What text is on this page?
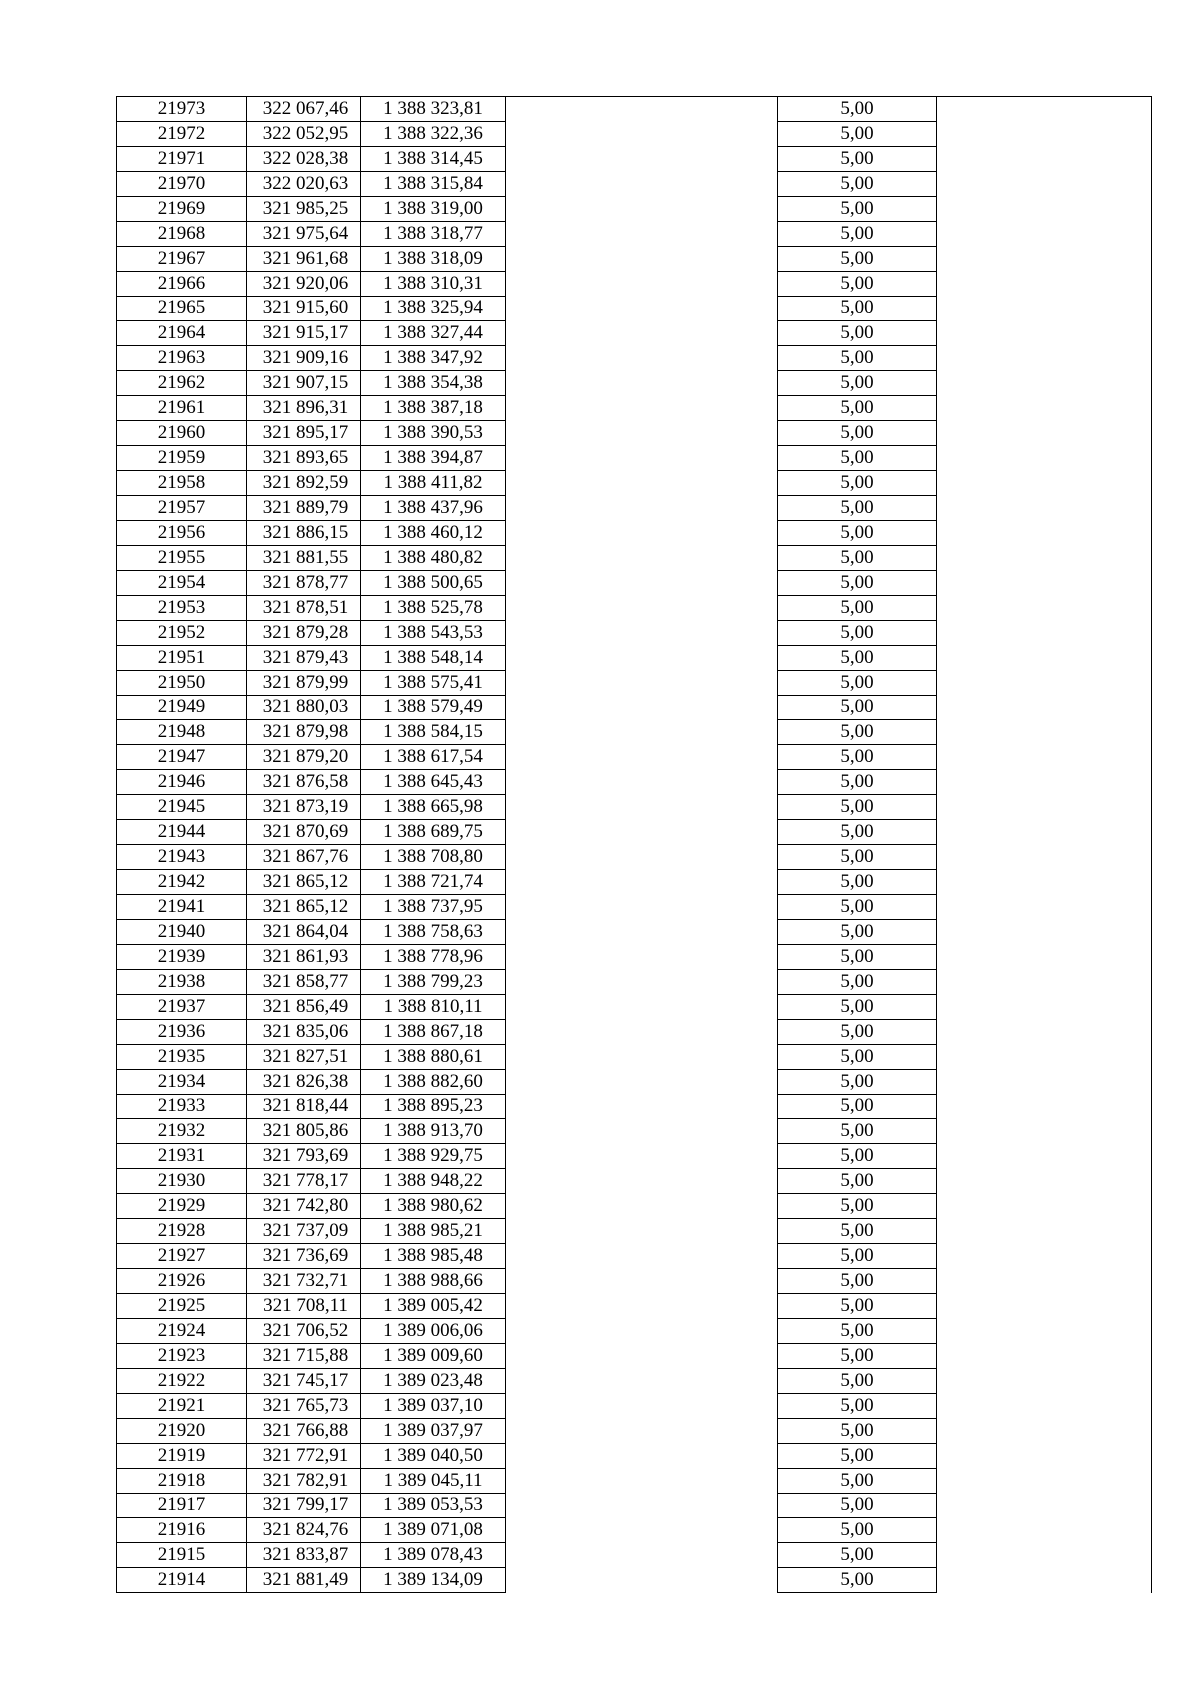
21973	322 067,46	1 388 323,81		5,00	
21972	322 052,95	1 388 322,36		5,00	
21971	322 028,38	1 388 314,45		5,00	
21970	322 020,63	1 388 315,84		5,00	
21969	321 985,25	1 388 319,00		5,00	
21968	321 975,64	1 388 318,77		5,00	
21967	321 961,68	1 388 318,09		5,00	
21966	321 920,06	1 388 310,31		5,00	
21965	321 915,60	1 388 325,94		5,00	
21964	321 915,17	1 388 327,44		5,00	
21963	321 909,16	1 388 347,92		5,00	
21962	321 907,15	1 388 354,38		5,00	
21961	321 896,31	1 388 387,18		5,00	
21960	321 895,17	1 388 390,53		5,00	
21959	321 893,65	1 388 394,87		5,00	
21958	321 892,59	1 388 411,82		5,00	
21957	321 889,79	1 388 437,96		5,00	
21956	321 886,15	1 388 460,12		5,00	
21955	321 881,55	1 388 480,82		5,00	
21954	321 878,77	1 388 500,65		5,00	
21953	321 878,51	1 388 525,78		5,00	
21952	321 879,28	1 388 543,53		5,00	
21951	321 879,43	1 388 548,14		5,00	
21950	321 879,99	1 388 575,41		5,00	
21949	321 880,03	1 388 579,49		5,00	
21948	321 879,98	1 388 584,15		5,00	
21947	321 879,20	1 388 617,54		5,00	
21946	321 876,58	1 388 645,43		5,00	
21945	321 873,19	1 388 665,98		5,00	
21944	321 870,69	1 388 689,75		5,00	
21943	321 867,76	1 388 708,80		5,00	
21942	321 865,12	1 388 721,74		5,00	
21941	321 865,12	1 388 737,95		5,00	
21940	321 864,04	1 388 758,63		5,00	
21939	321 861,93	1 388 778,96		5,00	
21938	321 858,77	1 388 799,23		5,00	
21937	321 856,49	1 388 810,11		5,00	
21936	321 835,06	1 388 867,18		5,00	
21935	321 827,51	1 388 880,61		5,00	
21934	321 826,38	1 388 882,60		5,00	
21933	321 818,44	1 388 895,23		5,00	
21932	321 805,86	1 388 913,70		5,00	
21931	321 793,69	1 388 929,75		5,00	
21930	321 778,17	1 388 948,22		5,00	
21929	321 742,80	1 388 980,62		5,00	
21928	321 737,09	1 388 985,21		5,00	
21927	321 736,69	1 388 985,48		5,00	
21926	321 732,71	1 388 988,66		5,00	
21925	321 708,11	1 389 005,42		5,00	
21924	321 706,52	1 389 006,06		5,00	
21923	321 715,88	1 389 009,60		5,00	
21922	321 745,17	1 389 023,48		5,00	
21921	321 765,73	1 389 037,10		5,00	
21920	321 766,88	1 389 037,97		5,00	
21919	321 772,91	1 389 040,50		5,00	
21918	321 782,91	1 389 045,11		5,00	
21917	321 799,17	1 389 053,53		5,00	
21916	321 824,76	1 389 071,08		5,00	
21915	321 833,87	1 389 078,43		5,00	
21914	321 881,49	1 389 134,09		5,00	
